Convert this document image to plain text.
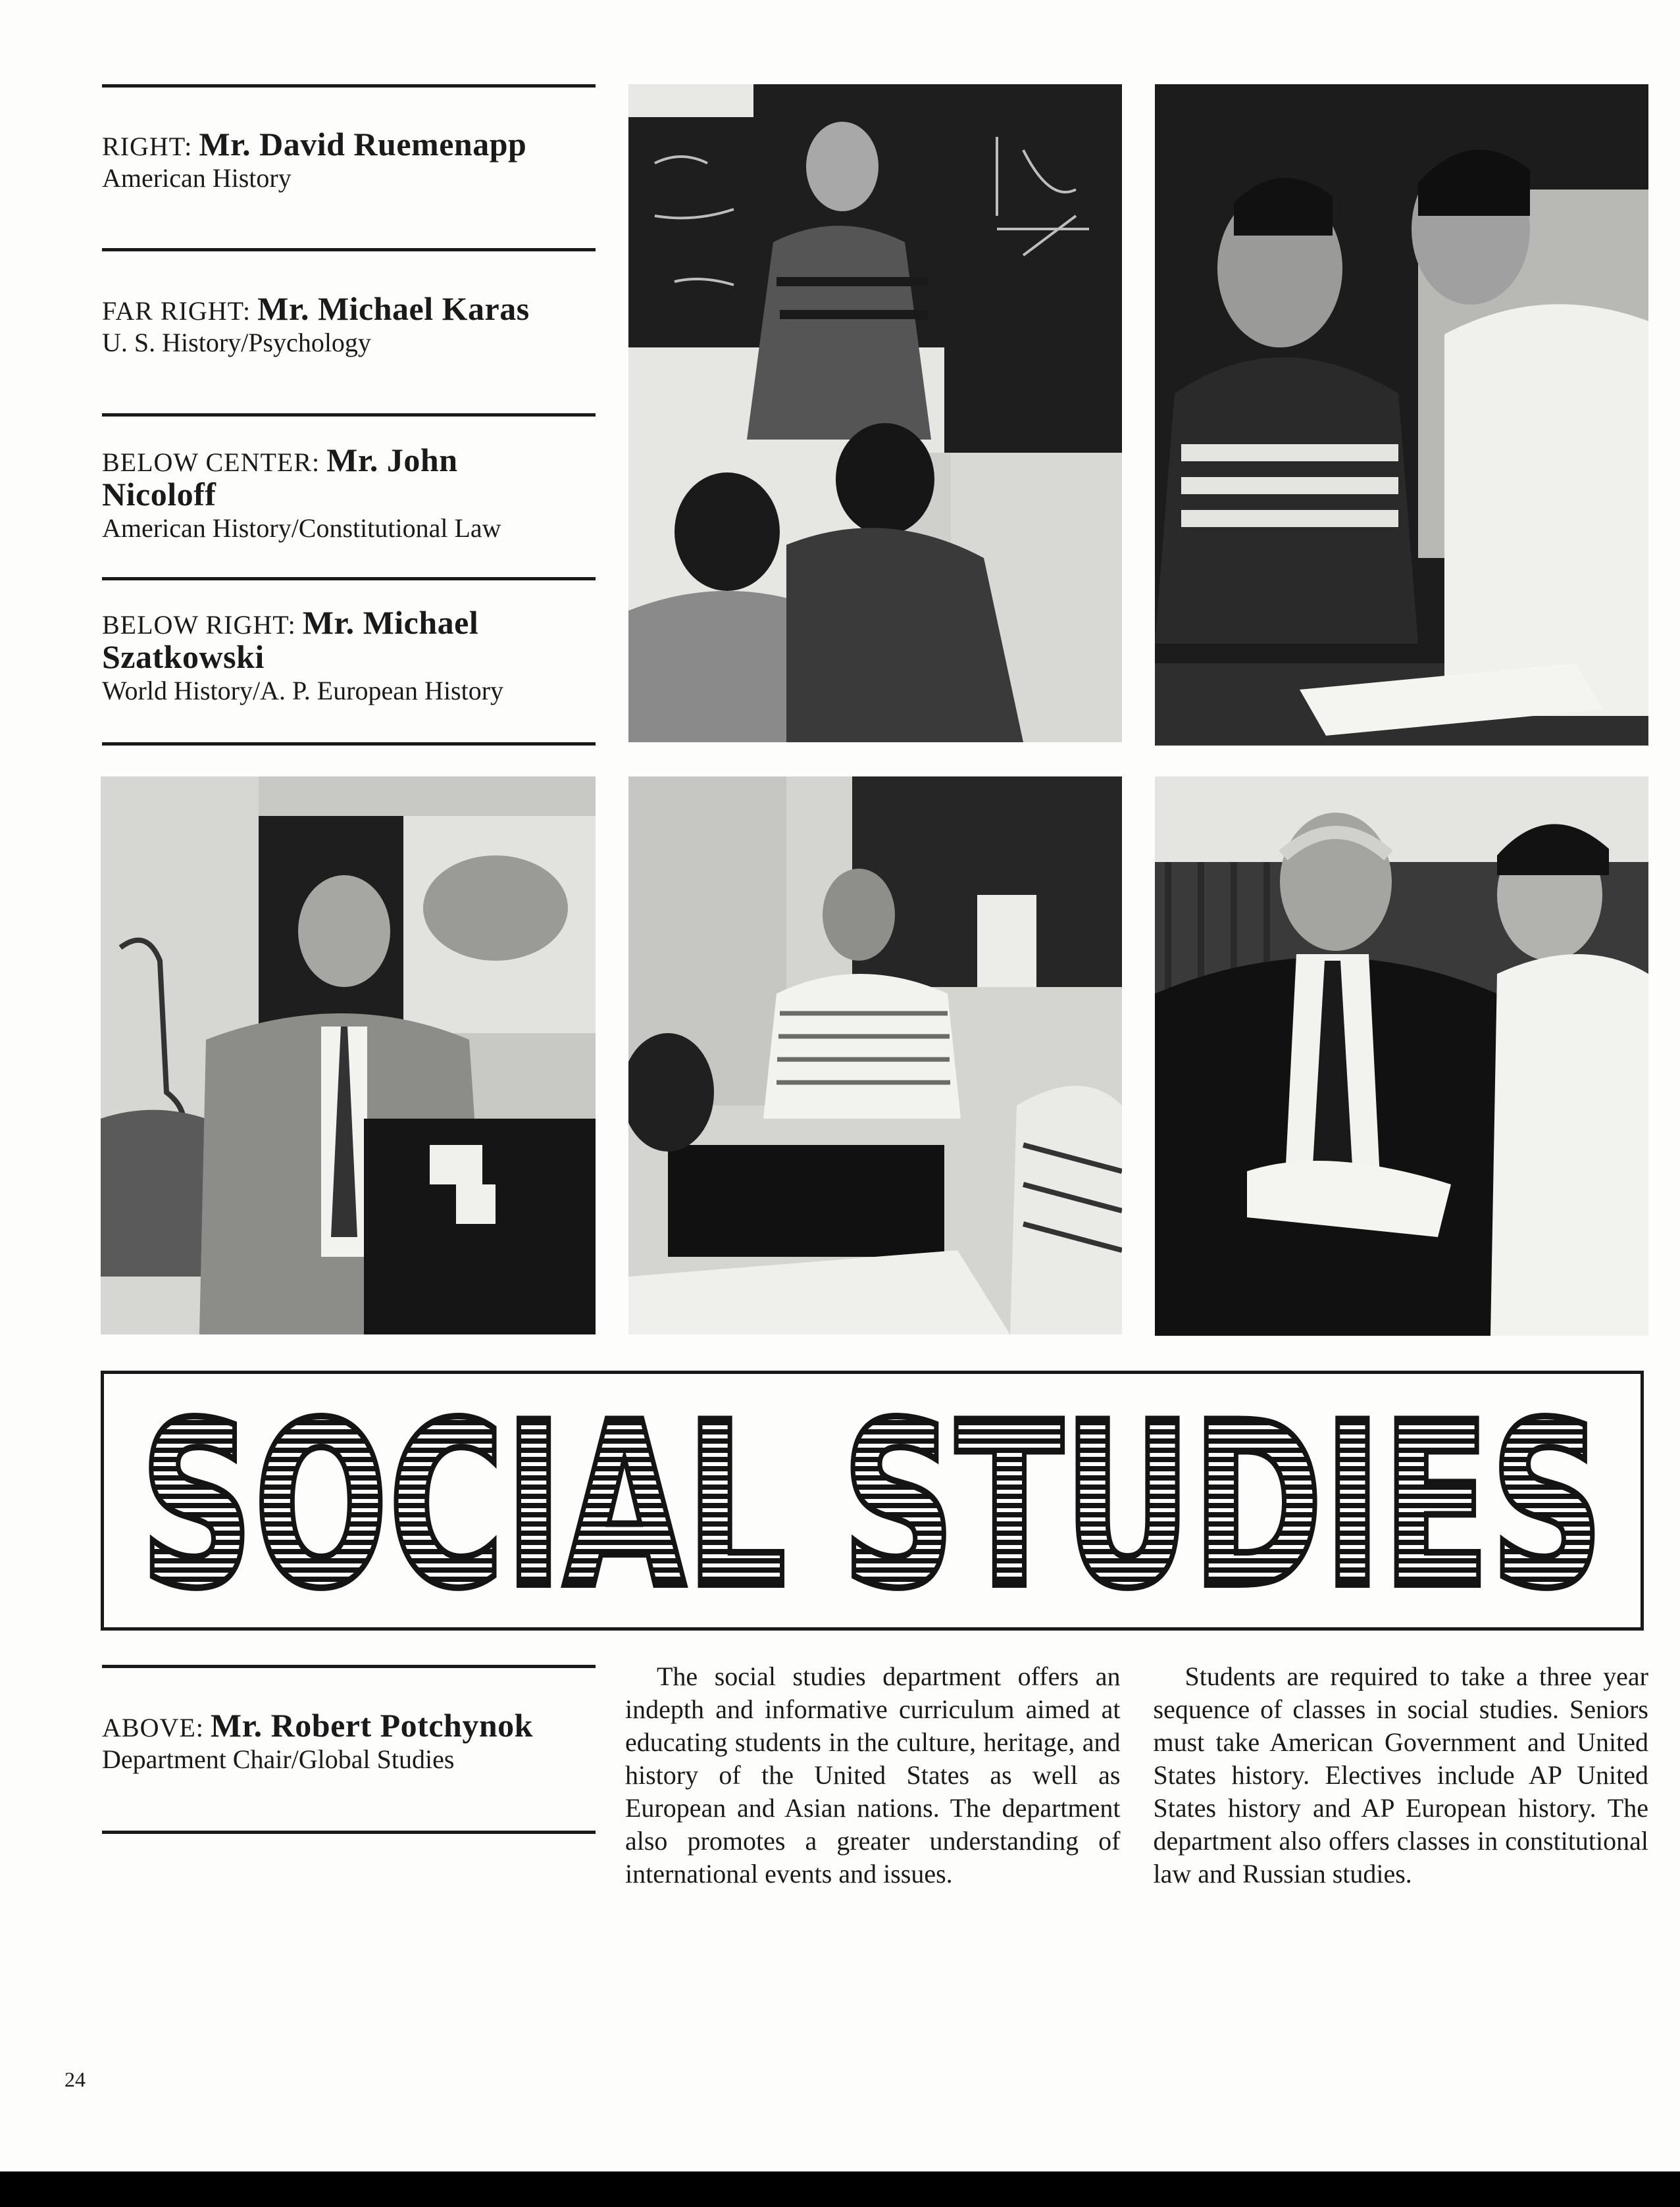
RIGHT: Mr. David Ruemenapp
American History
FAR RIGHT: Mr. Michael Karas
U. S. History/Psychology
BELOW CENTER: Mr. John Nicoloff
American History/Constitutional Law
BELOW RIGHT: Mr. Michael Szatkowski
World History/A. P. European History
SOCIAL STUDIES
ABOVE: Mr. Robert Potchynok
Department Chair/Global Studies

The social studies department offers an indepth and informative curriculum aimed at educating students in the culture, heritage, and history of the United States as well as European and Asian nations. The department also promotes a greater understanding of international events and issues.

Students are required to take a three year sequence of classes in social studies. Seniors must take American Government and United States history. Electives include AP United States history and AP European history. The department also offers classes in constitutional law and Russian studies.

24
